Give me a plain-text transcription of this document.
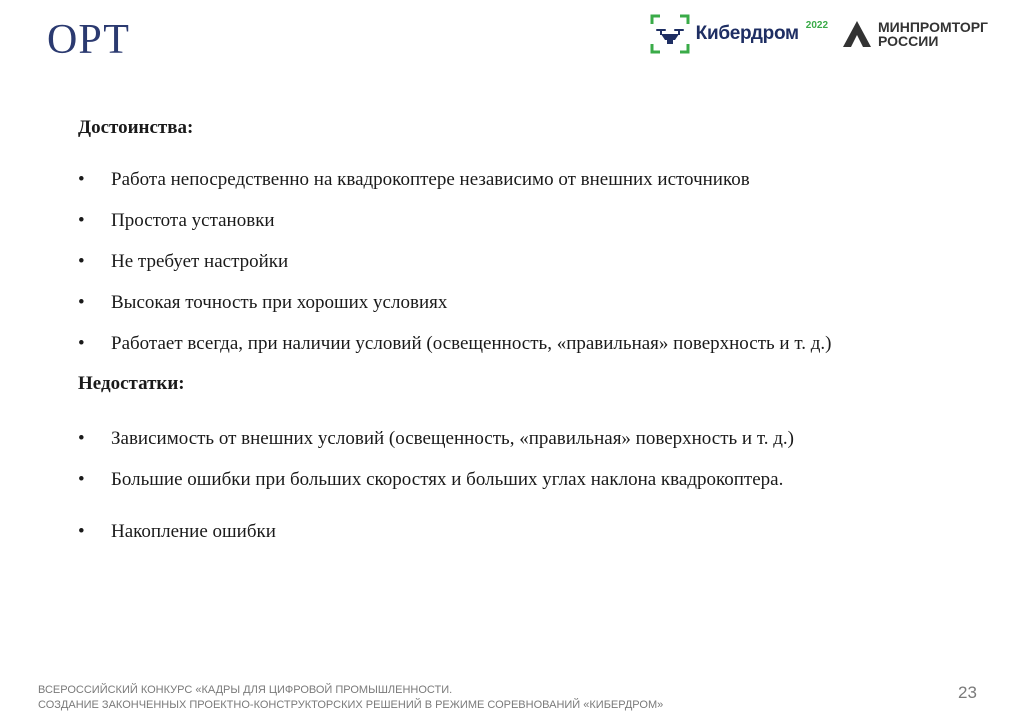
ОРТ	Кибердром 2022	МИНПРОМТОРГ
РОССИИ
Достоинства:
•	Работа непосредственно на квадрокоптере независимо от внешних источников
•	Простота установки
•	Не требует настройки
•	Высокая точность при хороших условиях
•	Работает всегда, при наличии условий (освещенность, «правильная» поверхность и т. д.)
Недостатки:
•	Зависимость от внешних условий (освещенность, «правильная» поверхность и т. д.)
•	Большие ошибки при больших скоростях и больших углах наклона квадрокоптера.
•	Накопление ошибки
ВСЕРОССИЙСКИЙ КОНКУРС «КАДРЫ ДЛЯ ЦИФРОВОЙ ПРОМЫШЛЕННОСТИ.
СОЗДАНИЕ ЗАКОНЧЕННЫХ ПРОЕКТНО-КОНСТРУКТОРСКИХ РЕШЕНИЙ В РЕЖИМЕ СОРЕВНОВАНИЙ «КИБЕРДРОМ»
23
